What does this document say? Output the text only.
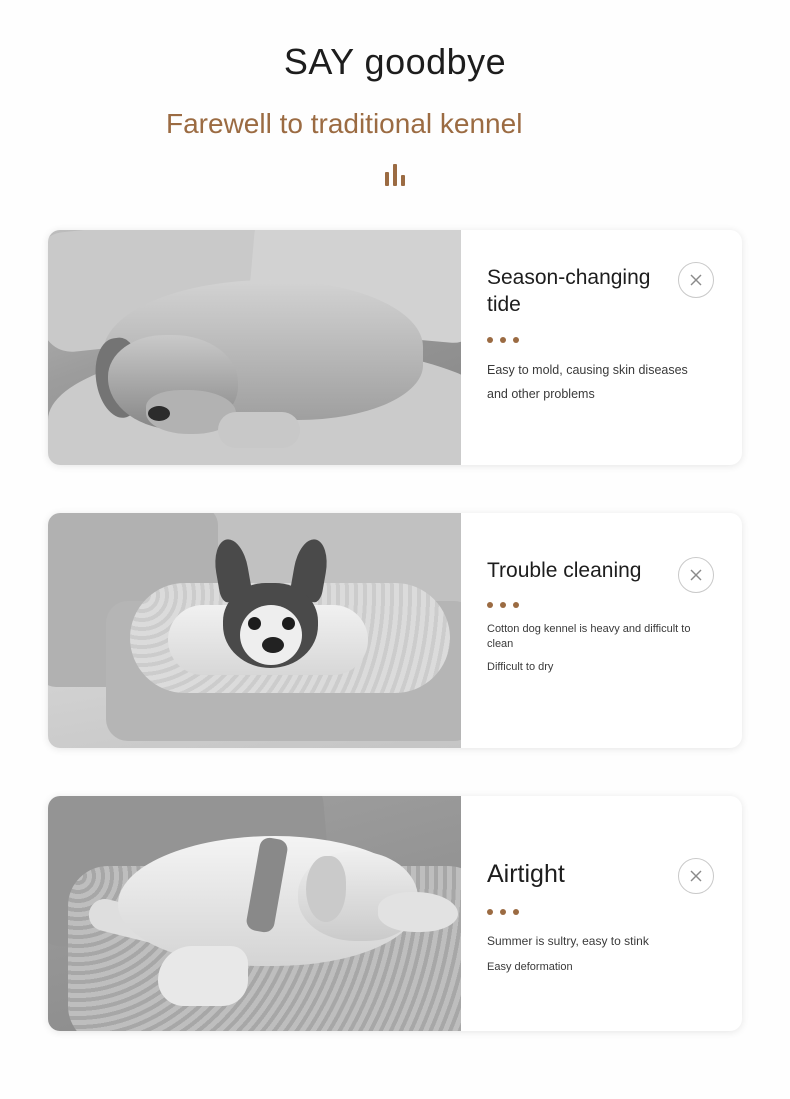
SAY goodbye
Farewell to traditional kennel
Season-changing tide
Easy to mold, causing skin diseases and other problems
Trouble cleaning
Cotton dog kennel is heavy and difficult to clean
Difficult to dry
Airtight
Summer is sultry, easy to stink
Easy deformation
